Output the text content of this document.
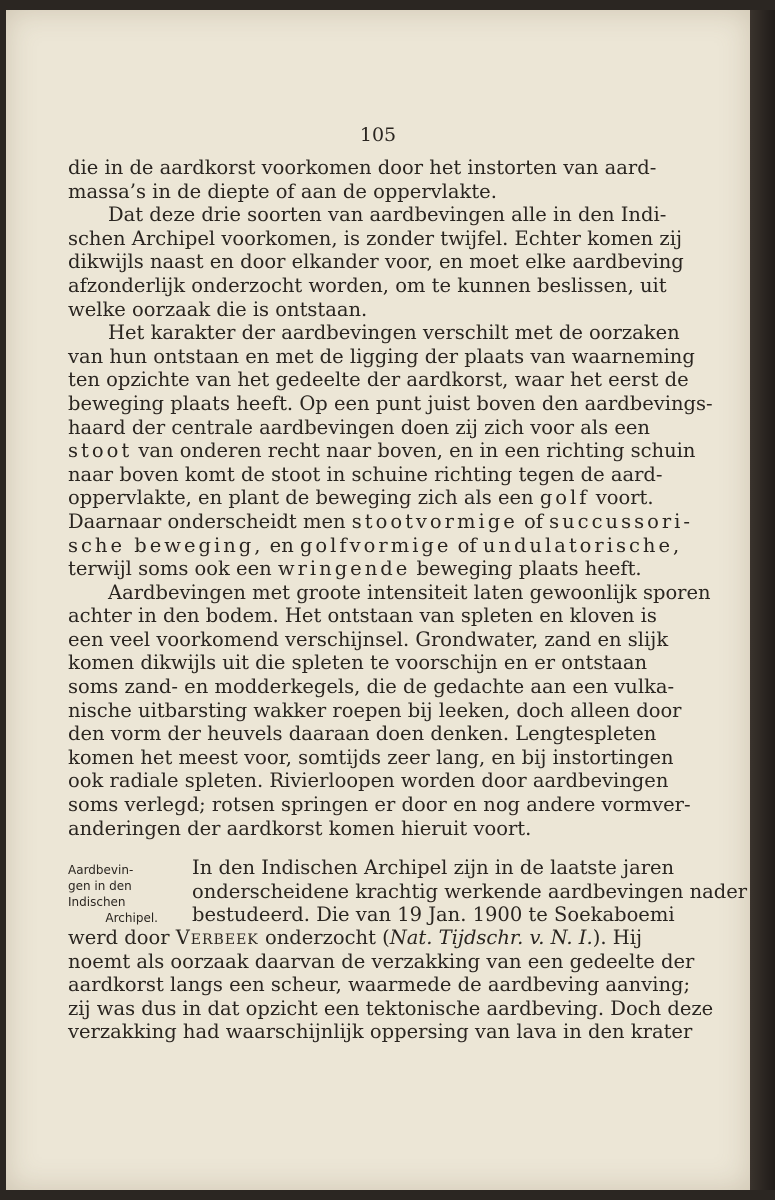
105
die in de aardkorst voorkomen door het instorten van aard-
massa’s in de diepte of aan de oppervlakte.
Dat deze drie soorten van aardbevingen alle in den Indi-
schen Archipel voorkomen, is zonder twijfel. Echter komen zij
dikwijls naast en door elkander voor, en moet elke aardbeving
afzonderlijk onderzocht worden, om te kunnen beslissen, uit
welke oorzaak die is ontstaan.
Het karakter der aardbevingen verschilt met de oorzaken
van hun ontstaan en met de ligging der plaats van waarneming
ten opzichte van het gedeelte der aardkorst, waar het eerst de
beweging plaats heeft. Op een punt juist boven den aardbevings-
haard der centrale aardbevingen doen zij zich voor als een
stoot van onderen recht naar boven, en in een richting schuin
naar boven komt de stoot in schuine richting tegen de aard-
oppervlakte, en plant de beweging zich als een golf voort.
Daarnaar onderscheidt men stootvormige of succussori-
sche beweging, en golfvormige of undulatorische,
terwijl soms ook een wringende beweging plaats heeft.
Aardbevingen met groote intensiteit laten gewoonlijk sporen
achter in den bodem. Het ontstaan van spleten en kloven is
een veel voorkomend verschijnsel. Grondwater, zand en slijk
komen dikwijls uit die spleten te voorschijn en er ontstaan
soms zand- en modderkegels, die de gedachte aan een vulka-
nische uitbarsting wakker roepen bij leeken, doch alleen door
den vorm der heuvels daaraan doen denken. Lengtespleten
komen het meest voor, somtijds zeer lang, en bij instortingen
ook radiale spleten. Rivierloopen worden door aardbevingen
soms verlegd; rotsen springen er door en nog andere vormver-
anderingen der aardkorst komen hieruit voort.
Aardbevin-
gen in den
Indischen
Archipel.
In den Indischen Archipel zijn in de laatste jaren
onderscheidene krachtig werkende aardbevingen nader
bestudeerd. Die van 19 Jan. 1900 te Soekaboemi
werd door Verbeek onderzocht (Nat. Tijdschr. v. N. I.). Hij
noemt als oorzaak daarvan de verzakking van een gedeelte der
aardkorst langs een scheur, waarmede de aardbeving aanving;
zij was dus in dat opzicht een tektonische aardbeving. Doch deze
verzakking had waarschijnlijk oppersing van lava in den krater
